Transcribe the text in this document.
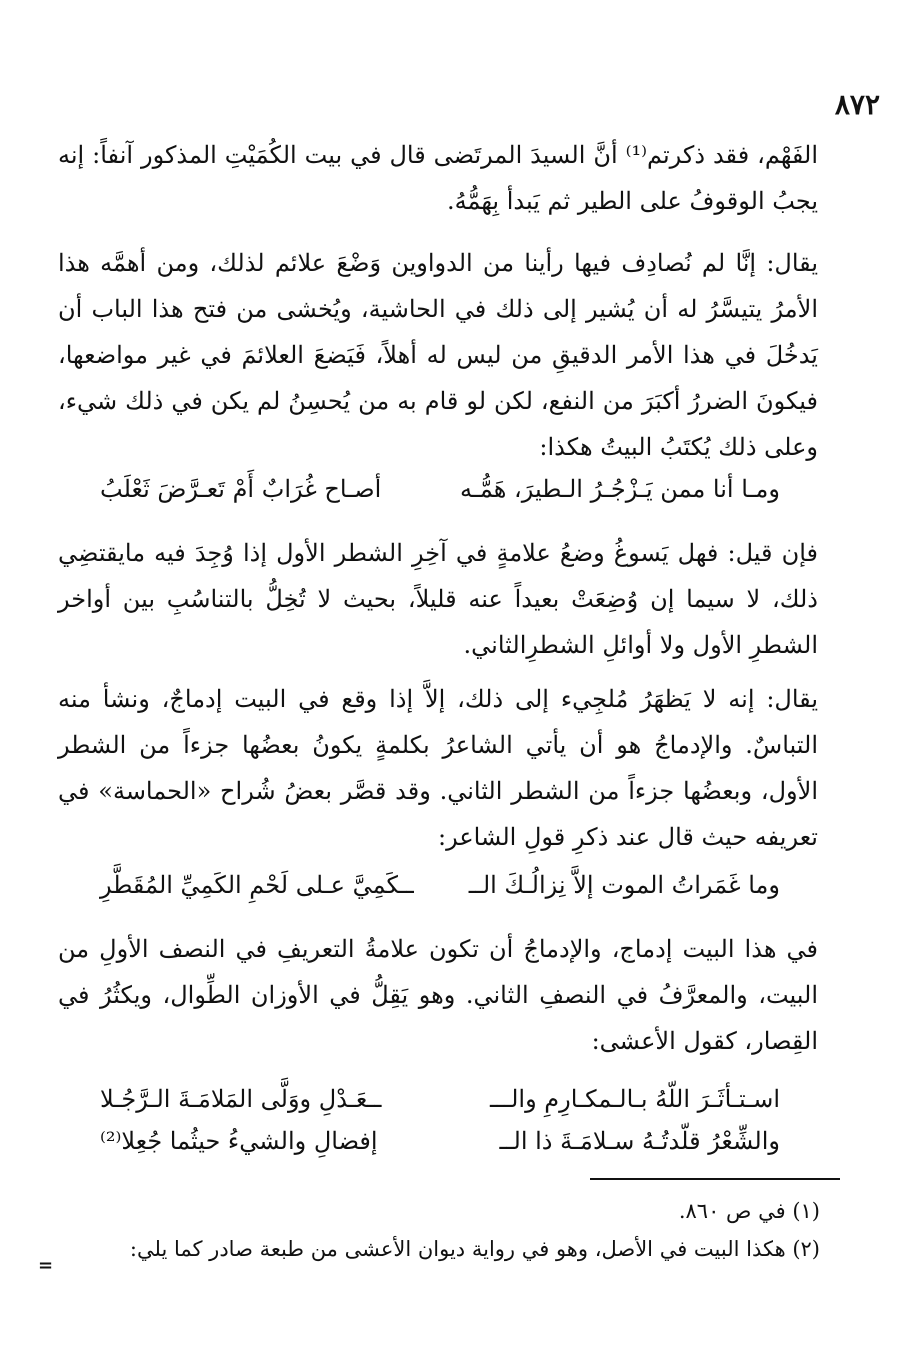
٨٧٢
الفَهْم، فقد ذكرتم⁽¹⁾ أنَّ السيدَ المرتَضى قال في بيت الكُمَيْتِ المذكور آنفاً: إنه يجبُ الوقوفُ على الطير ثم يَبدأ بِهَمُّهُ.
يقال: إنَّا لم نُصادِف فيها رأينا من الدواوين وَضْعَ علائم لذلك، ومن أهمَّه هذا الأمرُ يتيسَّرُ له أن يُشير إلى ذلك في الحاشية، ويُخشى من فتح هذا الباب أن يَدخُلَ في هذا الأمر الدقيقِ من ليس له أهلاً، فَيَضعَ العلائمَ في غير مواضعها، فيكونَ الضررُ أكبَرَ من النفع، لكن لو قام به من يُحسِنُ لم يكن في ذلك شيء، وعلى ذلك يُكتَبُ البيتُ هكذا:
ومـا أنا ممن يَـزْجُـرُ الـطيرَ، هَمُّـه
أصـاح غُرَابٌ أَمْ تَعـرَّضَ ثَعْلَبُ
فإن قيل: فهل يَسوغُ وضعُ علامةٍ في آخِرِ الشطر الأول إذا وُجِدَ فيه مايقتضِي ذلك، لا سيما إن وُضِعَتْ بعيداً عنه قليلاً، بحيث لا تُخِلُّ بالتناسُبِ بين أواخر الشطرِ الأول ولا أوائلِ الشطرِالثاني.
يقال: إنه لا يَظهَرُ مُلجِيء إلى ذلك، إلاَّ إذا وقع في البيت إدماجٌ، ونشأ منه التباسٌ. والإدماجُ هو أن يأتي الشاعرُ بكلمةٍ يكونُ بعضُها جزءاً من الشطر الأول، وبعضُها جزءاً من الشطر الثاني. وقد قصَّر بعضُ شُراح «الحماسة» في تعريفه حيث قال عند ذكرِ قولِ الشاعر:
وما غَمَراتُ الموت إلاَّ نِزالُـكَ الــ
ــكَمِيَّ عـلى لَحْمِ الكَمِيِّ المُقَطَّرِ
في هذا البيت إدماج، والإدماجُ أن تكون علامةُ التعريفِ في النصف الأولِ من البيت، والمعرَّفُ في النصفِ الثاني. وهو يَقِلُّ في الأوزان الطِّوال، ويكثُرُ في القِصار، كقول الأعشى:
اسـتـأثَـرَ اللّهُ بـالـمكـارِمِ والـــ
ــعَـدْلِ ووَلَّى المَلامَـةَ الـرَّجُـلا
والشِّعْرُ قلّدتُـهُ سـلامَـةَ ذا الــ
إفضالِ والشيءُ حيثُما جُعِلا⁽²⁾
(١) في ص ٨٦٠.
(٢) هكذا البيت في الأصل، وهو في رواية ديوان الأعشى من طبعة صادر كما يلي:
=
